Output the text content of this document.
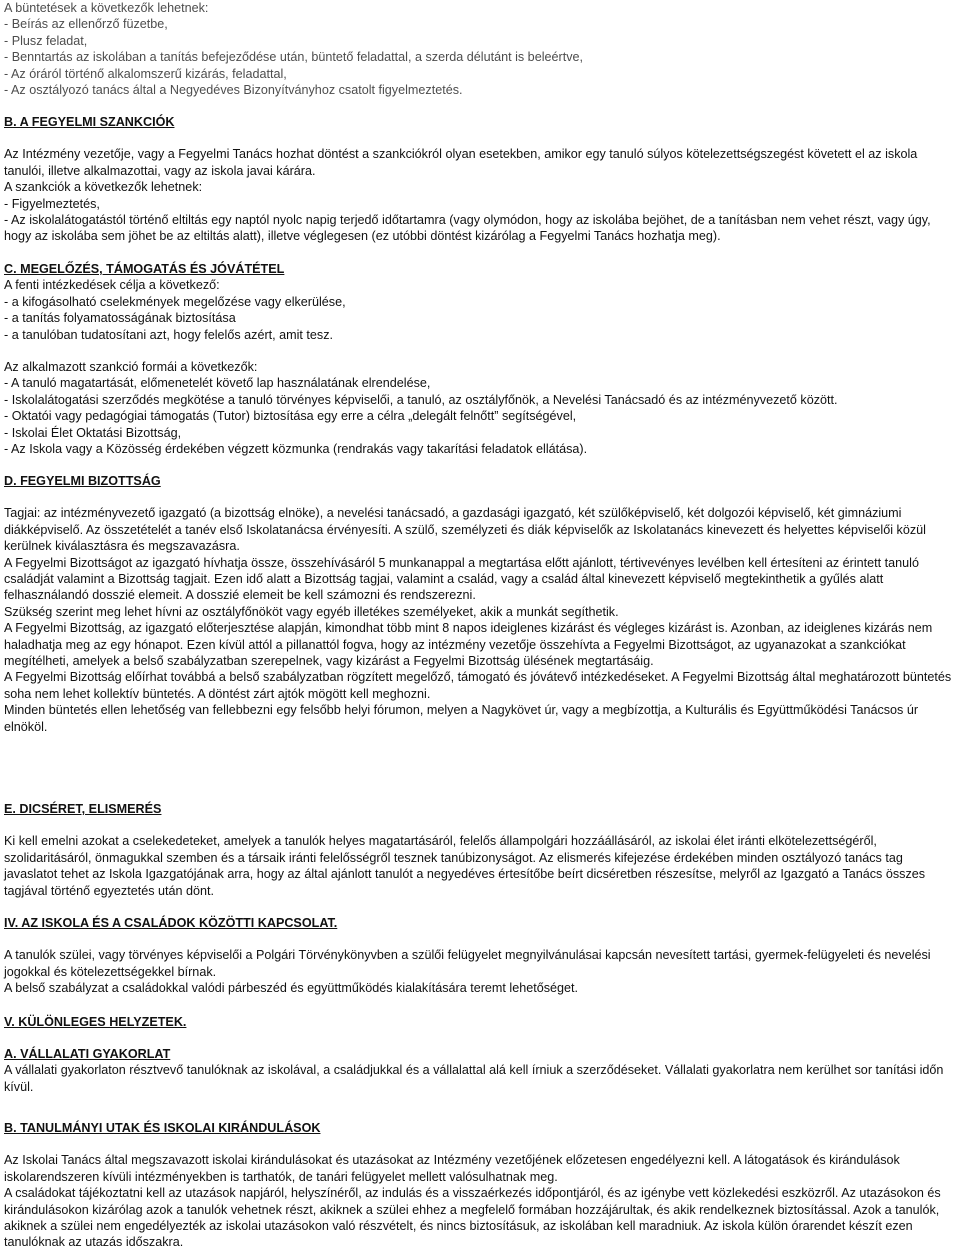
A büntetések a következők lehetnek:

- Beírás az ellenőrző füzetbe,

- Plusz feladat,

- Benntartás az iskolában a tanítás befejeződése után, büntető feladattal, a szerda délutánt is beleértve,

- Az óráról történő alkalomszerű kizárás, feladattal,

- Az osztályozó tanács által a Negyedéves Bizonyítványhoz csatolt figyelmeztetés.

B. A FEGYELMI SZANKCIÓK

Az Intézmény vezetője, vagy a Fegyelmi Tanács hozhat döntést a szankciókról olyan esetekben, amikor egy tanuló súlyos kötelezettségszegést követett el az iskola tanulói, illetve alkalmazottai, vagy az iskola javai kárára.

A szankciók a következők lehetnek:

- Figyelmeztetés,

- Az iskolalátogatástól történő eltiltás egy naptól nyolc napig terjedő időtartamra (vagy olymódon, hogy az iskolába bejöhet, de a tanításban nem vehet részt, vagy úgy, hogy az iskolába sem jöhet be az eltiltás alatt), illetve véglegesen (ez utóbbi döntést kizárólag a Fegyelmi Tanács hozhatja meg).

C. MEGELŐZÉS, TÁMOGATÁS ÉS JÓVÁTÉTEL

A fenti intézkedések célja a következő:

- a kifogásolható cselekmények megelőzése vagy elkerülése,

- a tanítás folyamatosságának biztosítása

- a tanulóban tudatosítani azt, hogy felelős azért, amit tesz.

Az alkalmazott szankció formái a következők:

- A tanuló magatartását, előmenetelét követő lap használatának elrendelése,

- Iskolalátogatási szerződés megkötése a tanuló törvényes képviselői, a tanuló, az osztályfőnök, a Nevelési Tanácsadó és az intézményvezető között.

- Oktatói vagy pedagógiai támogatás (Tutor) biztosítása egy erre a célra „delegált felnőtt” segítségével,

- Iskolai Élet Oktatási Bizottság,

- Az Iskola vagy a Közösség érdekében végzett közmunka (rendrakás vagy takarítási feladatok ellátása).

D. FEGYELMI BIZOTTSÁG

Tagjai: az intézményvezető igazgató (a bizottság elnöke), a nevelési tanácsadó, a gazdasági igazgató, két szülőképviselő, két dolgozói képviselő, két gimnáziumi diákképviselő. Az összetételét a tanév első Iskolatanácsa érvényesíti. A szülő, személyzeti és diák képviselők az Iskolatanács kinevezett és helyettes képviselői közül kerülnek kiválasztásra és megszavazásra.

A Fegyelmi Bizottságot az igazgató hívhatja össze, összehívásáról 5 munkanappal a megtartása előtt ajánlott, tértivevényes levélben kell értesíteni az érintett tanuló családját valamint a Bizottság tagjait. Ezen idő alatt a Bizottság tagjai, valamint a család, vagy a család által kinevezett képviselő megtekinthetik a gyűlés alatt felhasználandó dosszié elemeit. A dosszié elemeit be kell számozni és rendszerezni.

Szükség szerint meg lehet hívni az osztályfőnököt vagy egyéb illetékes személyeket, akik a munkát segíthetik.

A Fegyelmi Bizottság, az igazgató előterjesztése alapján, kimondhat több mint 8 napos ideiglenes kizárást és végleges kizárást is. Azonban, az ideiglenes kizárás nem haladhatja meg az egy hónapot. Ezen kívül attól a pillanattól fogva, hogy az intézmény vezetője összehívta a Fegyelmi Bizottságot, az ugyanazokat a szankciókat megítélheti, amelyek a belső szabályzatban szerepelnek, vagy kizárást a Fegyelmi Bizottság ülésének megtartásáig.

A Fegyelmi Bizottság előírhat továbbá a belső szabályzatban rögzített megelőző, támogató és jóvátevő intézkedéseket. A Fegyelmi Bizottság által meghatározott büntetés soha nem lehet kollektív büntetés. A döntést zárt ajtók mögött kell meghozni.

Minden büntetés ellen lehetőség van fellebbezni egy felsőbb helyi fórumon, melyen a Nagykövet úr, vagy a megbízottja, a Kulturális és Együttműködési Tanácsos úr elnököl.

E. DICSÉRET, ELISMERÉS

Ki kell emelni azokat a cselekedeteket, amelyek a tanulók helyes magatartásáról, felelős állampolgári hozzáállásáról, az iskolai élet iránti elkötelezettségéről, szolidaritásáról, önmagukkal szemben és a társaik iránti felelősségről tesznek tanúbizonyságot. Az elismerés kifejezése érdekében minden osztályozó tanács tag javaslatot tehet az Iskola Igazgatójának arra, hogy az által ajánlott tanulót a negyedéves értesítőbe beírt dicséretben részesítse, melyről az Igazgató a Tanács összes tagjával történő egyeztetés után dönt.

IV. AZ ISKOLA ÉS A CSALÁDOK KÖZÖTTI KAPCSOLAT.

A tanulók szülei, vagy törvényes képviselői a Polgári Törvénykönyvben a szülői felügyelet megnyilvánulásai kapcsán nevesített tartási, gyermek-felügyeleti és nevelési jogokkal és kötelezettségekkel bírnak.

A belső szabályzat a családokkal valódi párbeszéd és együttműködés kialakítására teremt lehetőséget.

V. KÜLÖNLEGES HELYZETEK.

A. VÁLLALATI GYAKORLAT

A vállalati gyakorlaton résztvevő tanulóknak az iskolával, a családjukkal és a vállalattal alá kell írniuk a szerződéseket. Vállalati gyakorlatra nem kerülhet sor tanítási időn kívül.

B. TANULMÁNYI UTAK ÉS ISKOLAI KIRÁNDULÁSOK

Az Iskolai Tanács által megszavazott iskolai kirándulásokat és utazásokat az Intézmény vezetőjének előzetesen engedélyezni kell. A látogatások és kirándulások iskolarendszeren kívüli intézményekben is tarthatók, de tanári felügyelet mellett valósulhatnak meg.

A családokat tájékoztatni kell az utazások napjáról, helyszínéről, az indulás és a visszaérkezés időpontjáról, és az igénybe vett közlekedési eszközről. Az utazásokon és kirándulásokon kizárólag azok a tanulók vehetnek részt, akiknek a szülei ehhez a megfelelő formában hozzájárultak, és akik rendelkeznek biztosítással. Azok a tanulók, akiknek a szülei nem engedélyezték az iskolai utazásokon való részvételt, és nincs biztosításuk, az iskolában kell maradniuk. Az iskola külön órarendet készít ezen tanulóknak az utazás időszakra.
